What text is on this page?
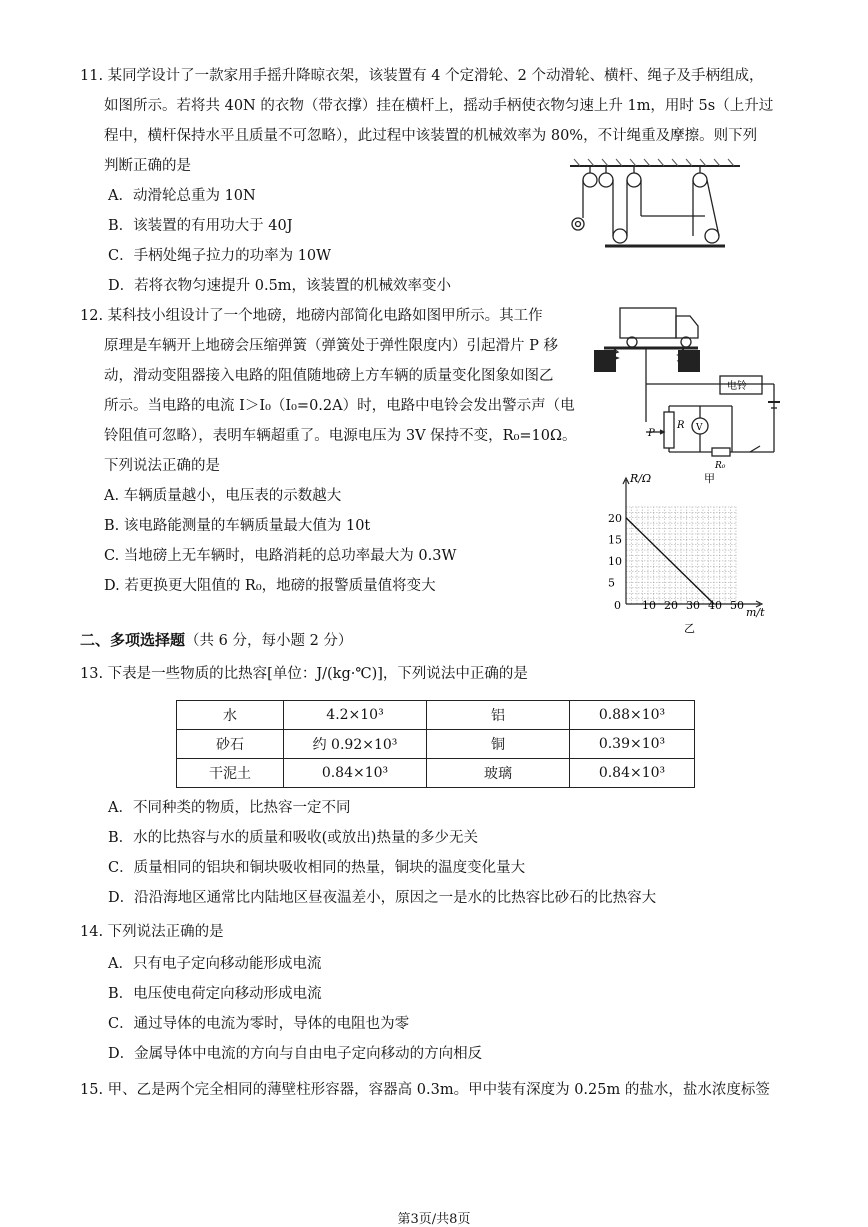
11. 某同学设计了一款家用手摇升降晾衣架，该装置有 4 个定滑轮、2 个动滑轮、横杆、绳子及手柄组成，
如图所示。若将共 40N 的衣物（带衣撑）挂在横杆上，摇动手柄使衣物匀速上升 1m，用时 5s（上升过
程中，横杆保持水平且质量不可忽略），此过程中该装置的机械效率为 80%，不计绳重及摩擦。则下列
判断正确的是
A．动滑轮总重为 10N
B．该装置的有用功大于 40J
C．手柄处绳子拉力的功率为 10W
D．若将衣物匀速提升 0.5m，该装置的机械效率变小
12. 某科技小组设计了一个地磅，地磅内部简化电路如图甲所示。其工作
原理是车辆开上地磅会压缩弹簧（弹簧处于弹性限度内）引起滑片 P 移
动，滑动变阻器接入电路的阻值随地磅上方车辆的质量变化图象如图乙
所示。当电路的电流 I＞I₀（I₀=0.2A）时，电路中电铃会发出警示声（电
铃阻值可忽略），表明车辆超重了。电源电压为 3V 保持不变，R₀=10Ω。
下列说法正确的是
A. 车辆质量越小，电压表的示数越大
B. 该电路能测量的车辆质量最大值为 10t
C. 当地磅上无车辆时，电路消耗的总功率最大为 0.3W
D. 若更换更大阻值的 R₀，地磅的报警质量值将变大
电铃
R
P	V
R₀
甲
0 10 20 30 40 50
5
10
15
20
R/Ω
m/t
乙
二、多项选择题（共 6 分，每小题 2 分）
13. 下表是一些物质的比热容[单位：J/(kg·℃)]，下列说法中正确的是
水	4.2×10³	铝	0.88×10³
砂石	约 0.92×10³	铜	0.39×10³
干泥土	0.84×10³	玻璃	0.84×10³
A．不同种类的物质，比热容一定不同
B．水的比热容与水的质量和吸收(或放出)热量的多少无关
C．质量相同的铝块和铜块吸收相同的热量，铜块的温度变化量大
D．沿沿海地区通常比内陆地区昼夜温差小，原因之一是水的比热容比砂石的比热容大
14. 下列说法正确的是
A．只有电子定向移动能形成电流
B．电压使电荷定向移动形成电流
C．通过导体的电流为零时，导体的电阻也为零
D．金属导体中电流的方向与自由电子定向移动的方向相反
15. 甲、乙是两个完全相同的薄壁柱形容器，容器高 0.3m。甲中装有深度为 0.25m 的盐水，盐水浓度标签
第3页/共8页
